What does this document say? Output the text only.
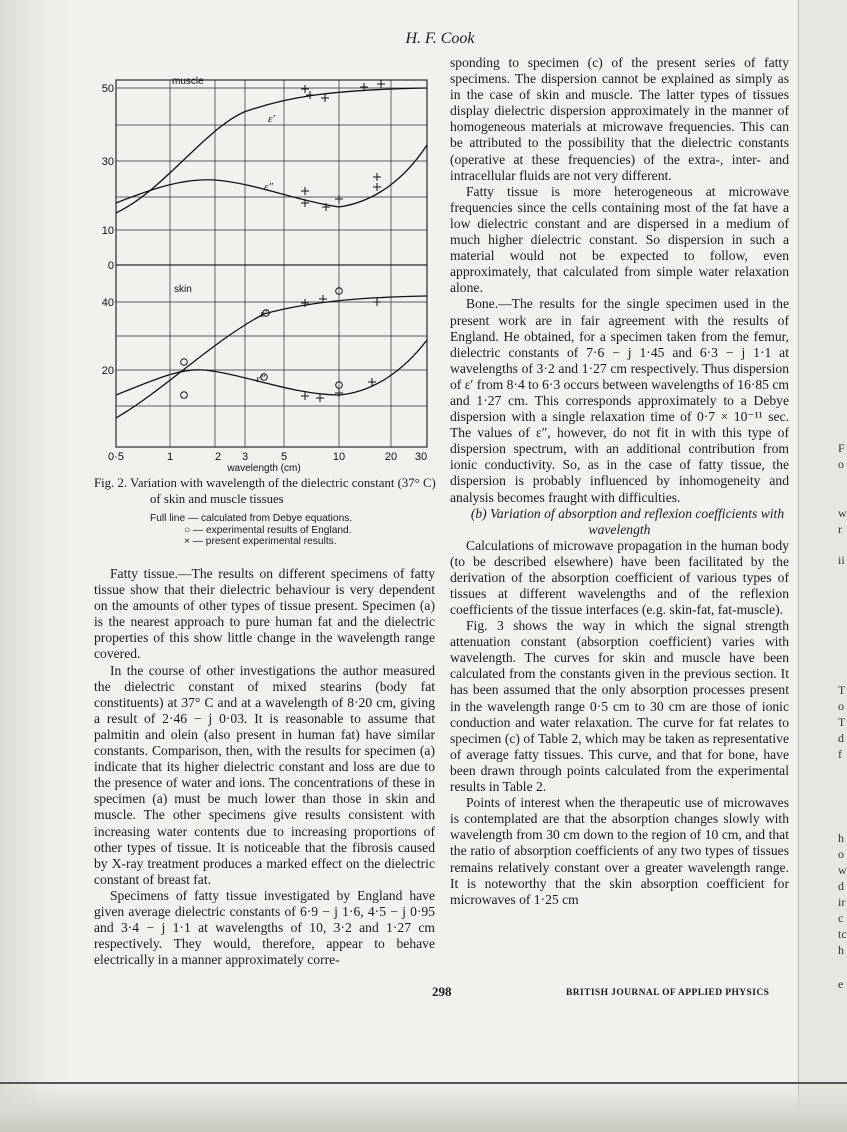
H. F. Cook
muscle
skin
ε′
ε″
ε′
ε″
50
30
10
0
40
20
0·5	1	2 3	5	10	20 30
wavelength (cm)
Fig. 2. Variation with wavelength of the dielectric constant (37° C) of skin and muscle tissues
Full line — calculated from Debye equations.
○ — experimental results of England.
× — present experimental results.

Fatty tissue.—The results on different specimens of fatty tissue show that their dielectric behaviour is very dependent on the amounts of other types of tissue present. Specimen (a) is the nearest approach to pure human fat and the dielectric properties of this show little change in the wavelength range covered.

In the course of other investigations the author measured the dielectric constant of mixed stearins (body fat constituents) at 37° C and at a wavelength of 8·20 cm, giving a result of 2·46 − j 0·03. It is reasonable to assume that palmitin and olein (also present in human fat) have similar constants. Comparison, then, with the results for specimen (a) indicate that its higher dielectric constant and loss are due to the presence of water and ions. The concentrations of these in specimen (a) must be much lower than those in skin and muscle. The other specimens give results consistent with increasing water contents due to increasing proportions of other types of tissue. It is noticeable that the fibrosis caused by X-ray treatment produces a marked effect on the dielectric constant of breast fat.

Specimens of fatty tissue investigated by England have given average dielectric constants of 6·9 − j 1·6, 4·5 − j 0·95 and 3·4 − j 1·1 at wavelengths of 10, 3·2 and 1·27 cm respectively. They would, therefore, appear to behave electrically in a manner approximately corre-

sponding to specimen (c) of the present series of fatty specimens. The dispersion cannot be explained as simply as in the case of skin and muscle. The latter types of tissues display dielectric dispersion approximately in the manner of homogeneous materials at microwave frequencies. This can be attributed to the possibility that the dielectric constants (operative at these frequencies) of the extra-, inter- and intracellular fluids are not very different.

Fatty tissue is more heterogeneous at microwave frequencies since the cells containing most of the fat have a low dielectric constant and are dispersed in a medium of much higher dielectric constant. So dispersion in such a material would not be expected to follow, even approximately, that calculated from simple water relaxation alone.

Bone.—The results for the single specimen used in the present work are in fair agreement with the results of England. He obtained, for a specimen taken from the femur, dielectric constants of 7·6 − j 1·45 and 6·3 − j 1·1 at wavelengths of 3·2 and 1·27 cm respectively. Thus dispersion of ε′ from 8·4 to 6·3 occurs between wavelengths of 16·85 cm and 1·27 cm. This corresponds approximately to a Debye dispersion with a single relaxation time of 0·7 × 10⁻¹¹ sec. The values of ε″, however, do not fit in with this type of dispersion spectrum, with an additional contribution from ionic conductivity. So, as in the case of fatty tissue, the dispersion is probably influenced by inhomogeneity and analysis becomes fraught with difficulties.

(b) Variation of absorption and reflexion coefficients with wavelength

Calculations of microwave propagation in the human body (to be described elsewhere) have been facilitated by the derivation of the absorption coefficient of various types of tissues at different wavelengths and of the reflexion coefficients of the tissue interfaces (e.g. skin-fat, fat-muscle).

Fig. 3 shows the way in which the signal strength attenuation constant (absorption coefficient) varies with wavelength. The curves for skin and muscle have been calculated from the constants given in the previous section. It has been assumed that the only absorption processes present in the wavelength range 0·5 cm to 30 cm are those of ionic conduction and water relaxation. The curve for fat relates to specimen (c) of Table 2, which may be taken as representative of average fatty tissues. This curve, and that for bone, have been drawn through points calculated from the experimental results in Table 2.

Points of interest when the therapeutic use of microwaves is contemplated are that the absorption changes slowly with wavelength from 30 cm down to the region of 10 cm, and that the ratio of absorption coefficients of any two types of tissues remains relatively constant over a greater wavelength range. It is noteworthy that the skin absorption coefficient for microwaves of 1·25 cm

298	BRITISH JOURNAL OF APPLIED PHYSICS
F
o
w
r
ii
T
o
T
d
f
h
o
w
d
ir
c
tc
h
e
